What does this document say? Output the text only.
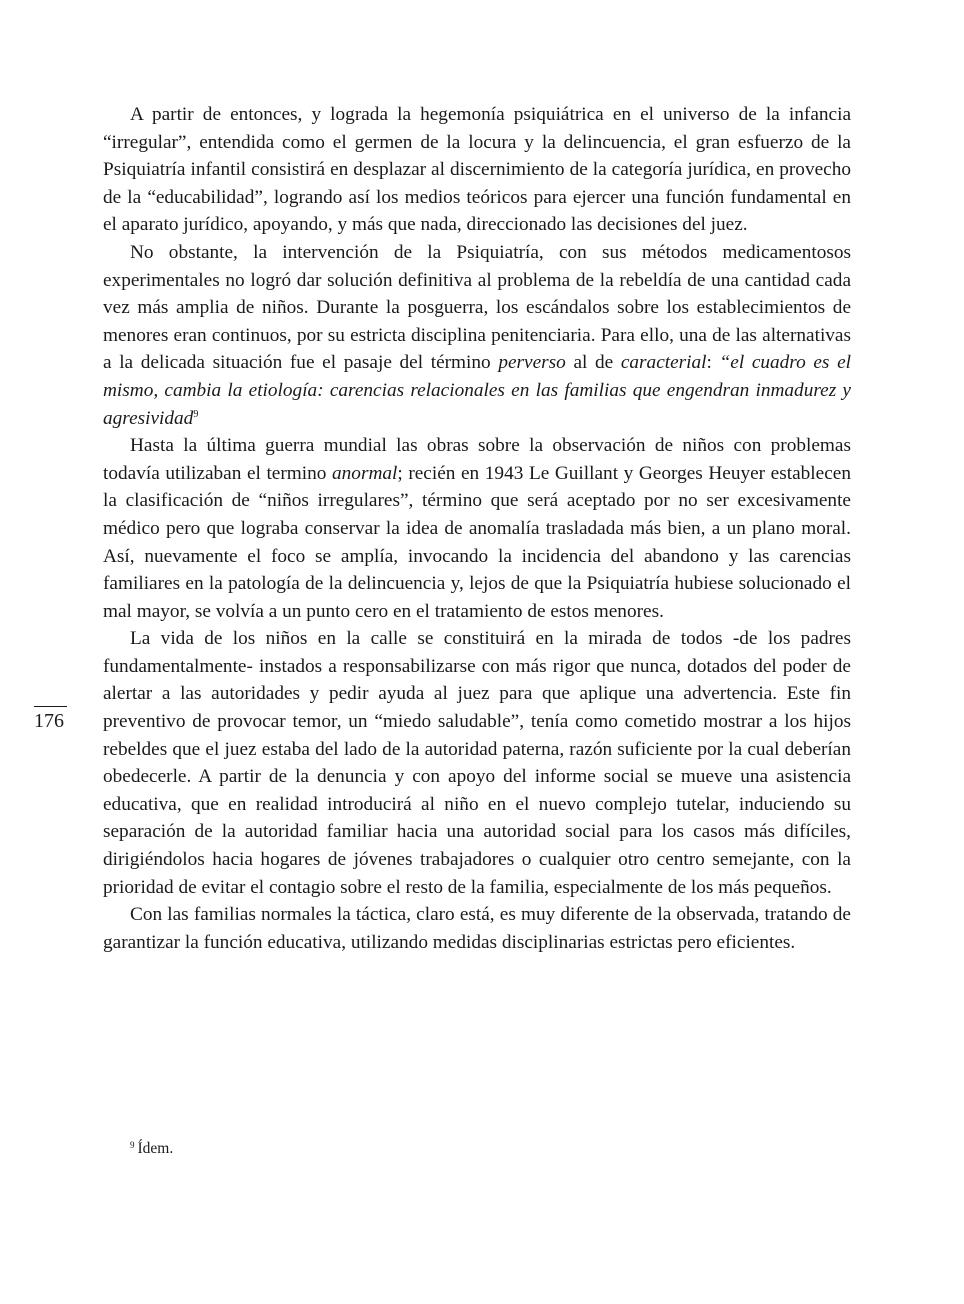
A partir de entonces, y lograda la hegemonía psiquiátrica en el universo de la infancia “irregular”, entendida como el germen de la locura y la delincuencia, el gran esfuerzo de la Psiquiatría infantil consistirá en desplazar al discernimiento de la categoría jurídica, en provecho de la “educabilidad”, logrando así los medios teóricos para ejercer una función fundamental en el aparato jurídico, apoyando, y más que nada, direccionado las decisiones del juez.

No obstante, la intervención de la Psiquiatría, con sus métodos medicamentosos experimentales no logró dar solución definitiva al problema de la rebeldía de una cantidad cada vez más amplia de niños. Durante la posguerra, los escándalos sobre los establecimientos de menores eran continuos, por su estricta disciplina penitenciaria. Para ello, una de las alternativas a la delicada situación fue el pasaje del término perverso al de caracterial: “el cuadro es el mismo, cambia la etiología: carencias relacionales en las familias que engendran inmadurez y agresividad$^9$

Hasta la última guerra mundial las obras sobre la observación de niños con problemas todavía utilizaban el termino anormal; recién en 1943 Le Guillant y Georges Heuyer establecen la clasificación de “niños irregulares”, término que será aceptado por no ser excesivamente médico pero que lograba conservar la idea de anomalía trasladada más bien, a un plano moral. Así, nuevamente el foco se amplía, invocando la incidencia del abandono y las carencias familiares en la patología de la delincuencia y, lejos de que la Psiquiatría hubiese solucionado el mal mayor, se volvía a un punto cero en el tratamiento de estos menores.

La vida de los niños en la calle se constituirá en la mirada de todos -de los padres fundamentalmente- instados a responsabilizarse con más rigor que nunca, dotados del poder de alertar a las autoridades y pedir ayuda al juez para que aplique una advertencia. Este fin preventivo de provocar temor, un “miedo saludable”, tenía como cometido mostrar a los hijos rebeldes que el juez estaba del lado de la autoridad paterna, razón suficiente por la cual deberían obedecerle. A partir de la denuncia y con apoyo del informe social se mueve una asistencia educativa, que en realidad introducirá al niño en el nuevo complejo tutelar, induciendo su separación de la autoridad familiar hacia una autoridad social para los casos más difíciles, dirigiéndolos hacia hogares de jóvenes trabajadores o cualquier otro centro semejante, con la prioridad de evitar el contagio sobre el resto de la familia, especialmente de los más pequeños.

Con las familias normales la táctica, claro está, es muy diferente de la observada, tratando de garantizar la función educativa, utilizando medidas disciplinarias estrictas pero eficientes.

176
$^9$ Ídem.
